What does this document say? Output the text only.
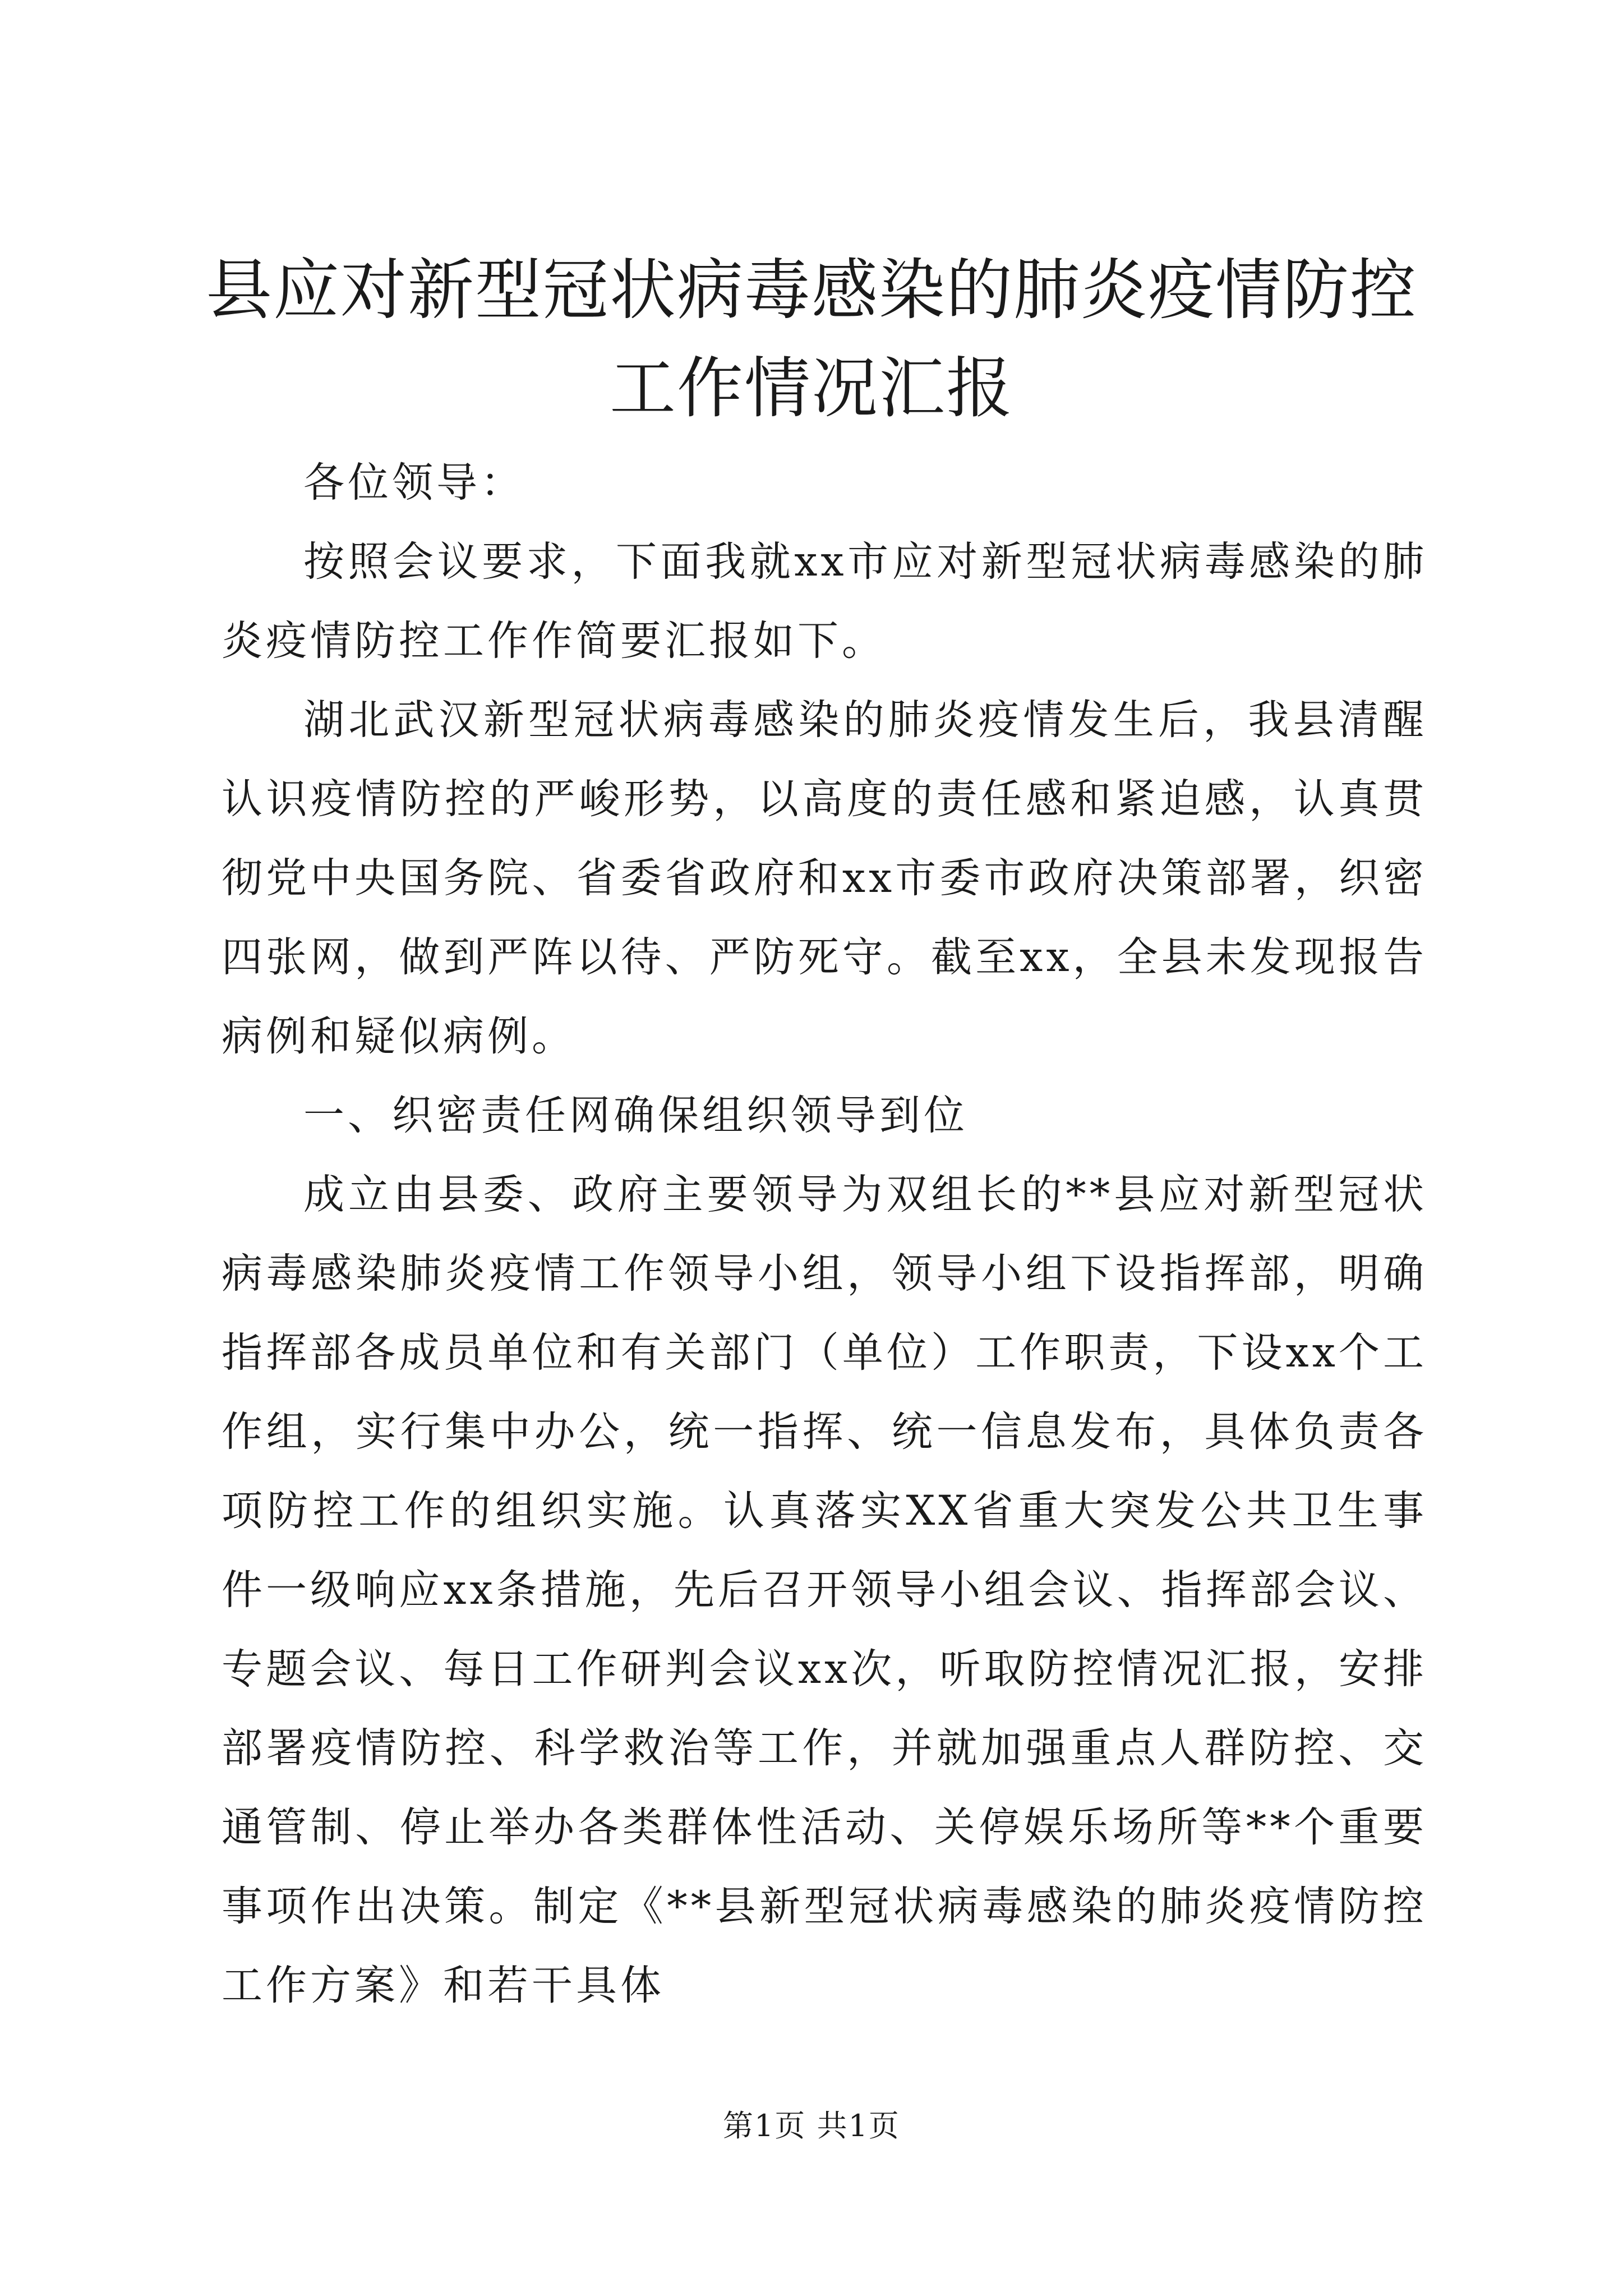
县应对新型冠状病毒感染的肺炎疫情防控工作情况汇报

各位领导：

按照会议要求，下面我就xx市应对新型冠状病毒感染的肺炎疫情防控工作作简要汇报如下。

湖北武汉新型冠状病毒感染的肺炎疫情发生后，我县清醒认识疫情防控的严峻形势，以高度的责任感和紧迫感，认真贯彻党中央国务院、省委省政府和xx市委市政府决策部署，织密四张网，做到严阵以待、严防死守。截至xx，全县未发现报告病例和疑似病例。

一、织密责任网确保组织领导到位

成立由县委、政府主要领导为双组长的**县应对新型冠状病毒感染肺炎疫情工作领导小组，领导小组下设指挥部，明确指挥部各成员单位和有关部门（单位）工作职责，下设xx个工作组，实行集中办公，统一指挥、统一信息发布，具体负责各项防控工作的组织实施。认真落实XX省重大突发公共卫生事件一级响应xx条措施，先后召开领导小组会议、指挥部会议、专题会议、每日工作研判会议xx次，听取防控情况汇报，安排部署疫情防控、科学救治等工作，并就加强重点人群防控、交通管制、停止举办各类群体性活动、关停娱乐场所等**个重要事项作出决策。制定《**县新型冠状病毒感染的肺炎疫情防控工作方案》和若干具体

第1页 共1页
